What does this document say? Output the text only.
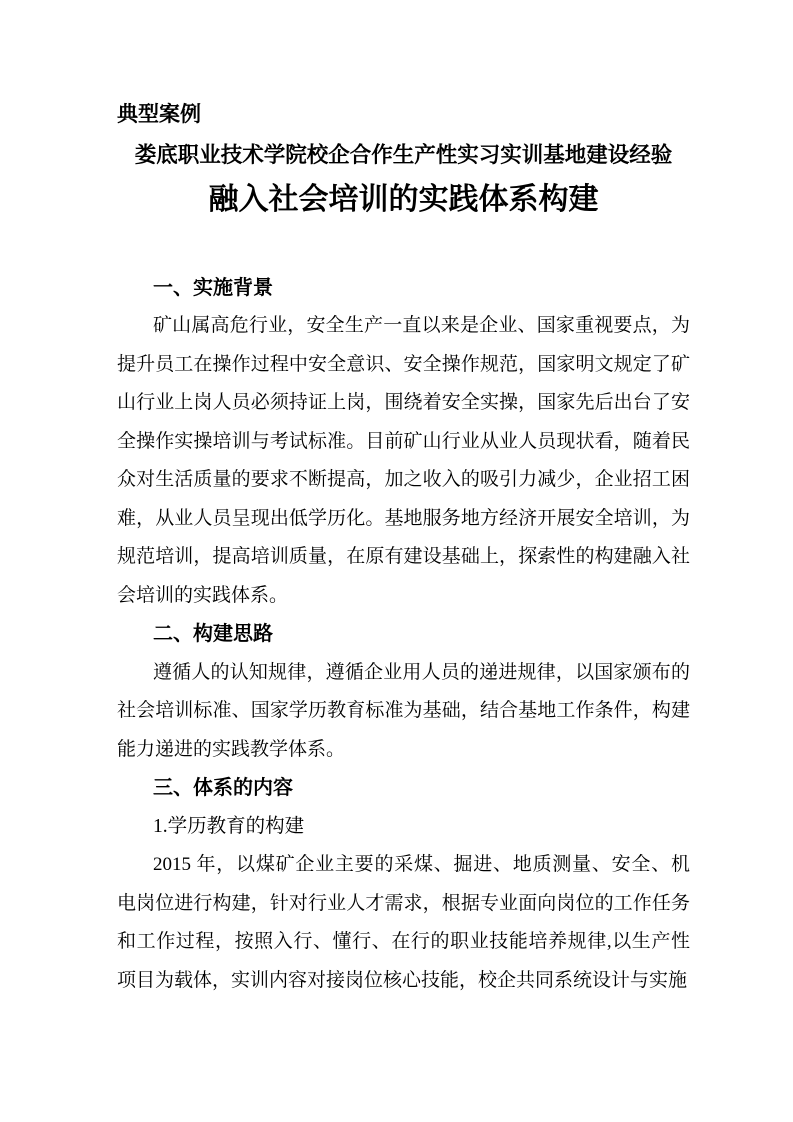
典型案例
娄底职业技术学院校企合作生产性实习实训基地建设经验
融入社会培训的实践体系构建
一、实施背景
矿山属高危行业，安全生产一直以来是企业、国家重视要点，为
提升员工在操作过程中安全意识、安全操作规范，国家明文规定了矿
山行业上岗人员必须持证上岗，围绕着安全实操，国家先后出台了安
全操作实操培训与考试标准。目前矿山行业从业人员现状看，随着民
众对生活质量的要求不断提高，加之收入的吸引力减少，企业招工困
难，从业人员呈现出低学历化。基地服务地方经济开展安全培训，为
规范培训，提高培训质量，在原有建设基础上，探索性的构建融入社
会培训的实践体系。
二、构建思路
遵循人的认知规律，遵循企业用人员的递进规律，以国家颁布的
社会培训标准、国家学历教育标准为基础，结合基地工作条件，构建
能力递进的实践教学体系。
三、体系的内容
1.学历教育的构建
2015 年，以煤矿企业主要的采煤、掘进、地质测量、安全、机
电岗位进行构建，针对行业人才需求，根据专业面向岗位的工作任务
和工作过程，按照入行、懂行、在行的职业技能培养规律,以生产性
项目为载体，实训内容对接岗位核心技能，校企共同系统设计与实施
